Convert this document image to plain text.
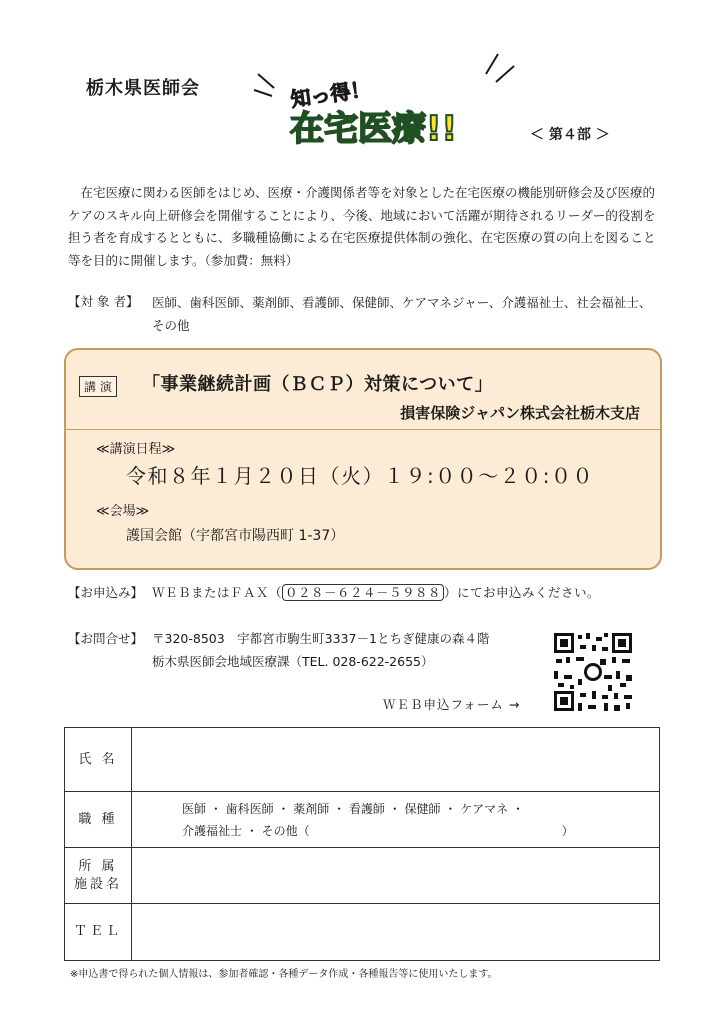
栃木県医師会	知っ得！
在宅医療!!	＜ 第４部 ＞
在宅医療に関わる医師をはじめ、医療・介護関係者等を対象とした在宅医療の機能別研修会及び医療的ケアのスキル向上研修会を開催することにより、今後、地域において活躍が期待されるリーダー的役割を担う者を育成するとともに、多職種協働による在宅医療提供体制の強化、在宅医療の質の向上を図ること等を目的に開催します。（参加費：無料）
【対 象 者】 医師、歯科医師、薬剤師、看護師、保健師、ケアマネジャー、介護福祉士、社会福祉士、その他
講 演 「事業継続計画（ＢＣＰ）対策について」
損害保険ジャパン株式会社栃木支店
≪講演日程≫
令和８年１月２０日（火）１９:００～２０:００
≪会場≫
護国会館（宇都宮市陽西町 1-37）
【お申込み】 ＷＥＢまたはＦＡＸ（ ０２８－６２４－５９８８ ）にてお申込みください。
【お問合せ】 〒320-8503　宇都宮市駒生町3337－1とちぎ健康の森４階
栃木県医師会地域医療課（TEL. 028-622-2655）
ＷＥＢ申込フォーム →
氏 名	
職 種	医師 ・ 歯科医師 ・ 薬剤師 ・ 看護師 ・ 保健師 ・ ケアマネ ・
介護福祉士 ・ その他（　　　　　　　　　　　　　　　　　　　　　）

所 属
施設名	

ＴＥＬ	
※申込書で得られた個人情報は、参加者確認・各種データ作成・各種報告等に使用いたします。
